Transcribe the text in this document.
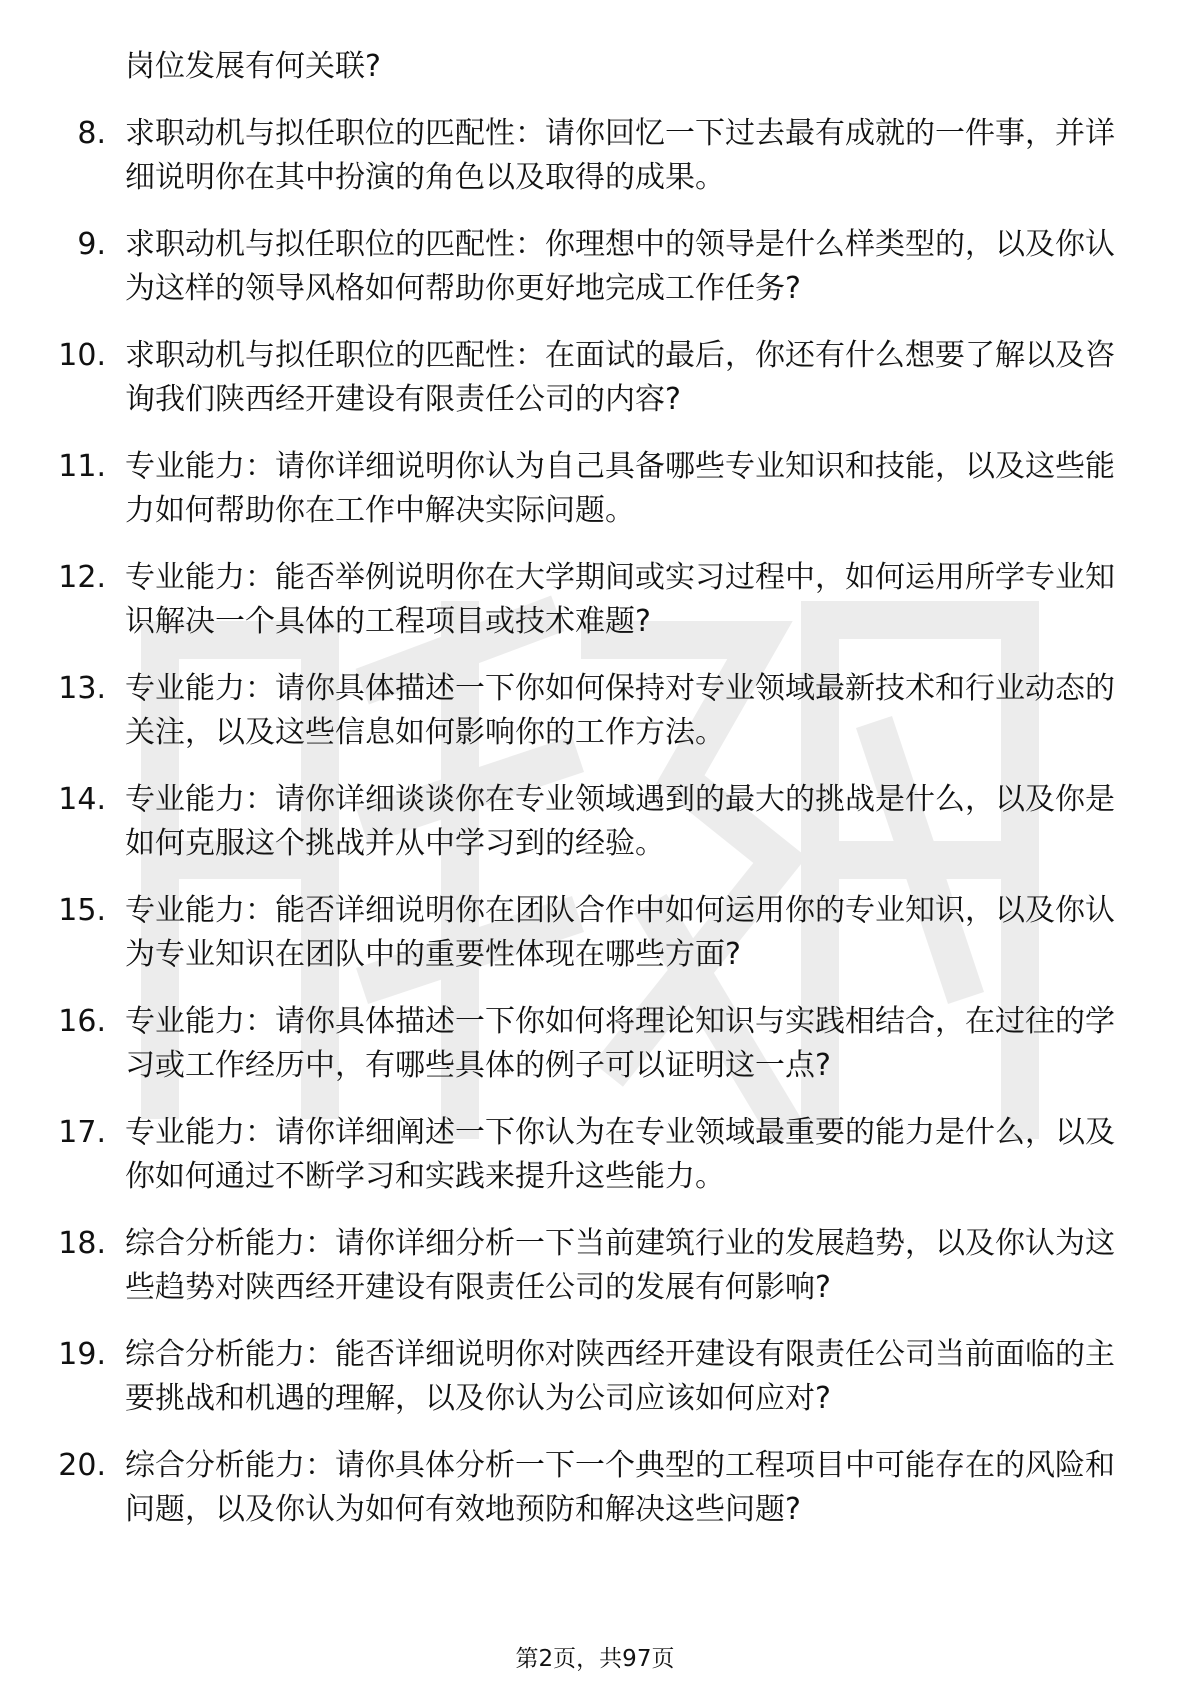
岗位发展有何关联?
8. 求职动机与拟任职位的匹配性：请你回忆一下过去最有成就的一件事，并详细说明你在其中扮演的角色以及取得的成果。
9. 求职动机与拟任职位的匹配性：你理想中的领导是什么样类型的，以及你认为这样的领导风格如何帮助你更好地完成工作任务?
10. 求职动机与拟任职位的匹配性：在面试的最后，你还有什么想要了解以及咨询我们陕西经开建设有限责任公司的内容?
11. 专业能力：请你详细说明你认为自己具备哪些专业知识和技能，以及这些能力如何帮助你在工作中解决实际问题。
12. 专业能力：能否举例说明你在大学期间或实习过程中，如何运用所学专业知识解决一个具体的工程项目或技术难题?
13. 专业能力：请你具体描述一下你如何保持对专业领域最新技术和行业动态的关注，以及这些信息如何影响你的工作方法。
14. 专业能力：请你详细谈谈你在专业领域遇到的最大的挑战是什么，以及你是如何克服这个挑战并从中学习到的经验。
15. 专业能力：能否详细说明你在团队合作中如何运用你的专业知识，以及你认为专业知识在团队中的重要性体现在哪些方面?
16. 专业能力：请你具体描述一下你如何将理论知识与实践相结合，在过往的学习或工作经历中，有哪些具体的例子可以证明这一点?
17. 专业能力：请你详细阐述一下你认为在专业领域最重要的能力是什么，以及你如何通过不断学习和实践来提升这些能力。
18. 综合分析能力：请你详细分析一下当前建筑行业的发展趋势，以及你认为这些趋势对陕西经开建设有限责任公司的发展有何影响?
19. 综合分析能力：能否详细说明你对陕西经开建设有限责任公司当前面临的主要挑战和机遇的理解，以及你认为公司应该如何应对?
20. 综合分析能力：请你具体分析一下一个典型的工程项目中可能存在的风险和问题，以及你认为如何有效地预防和解决这些问题?
第2页，共97页
